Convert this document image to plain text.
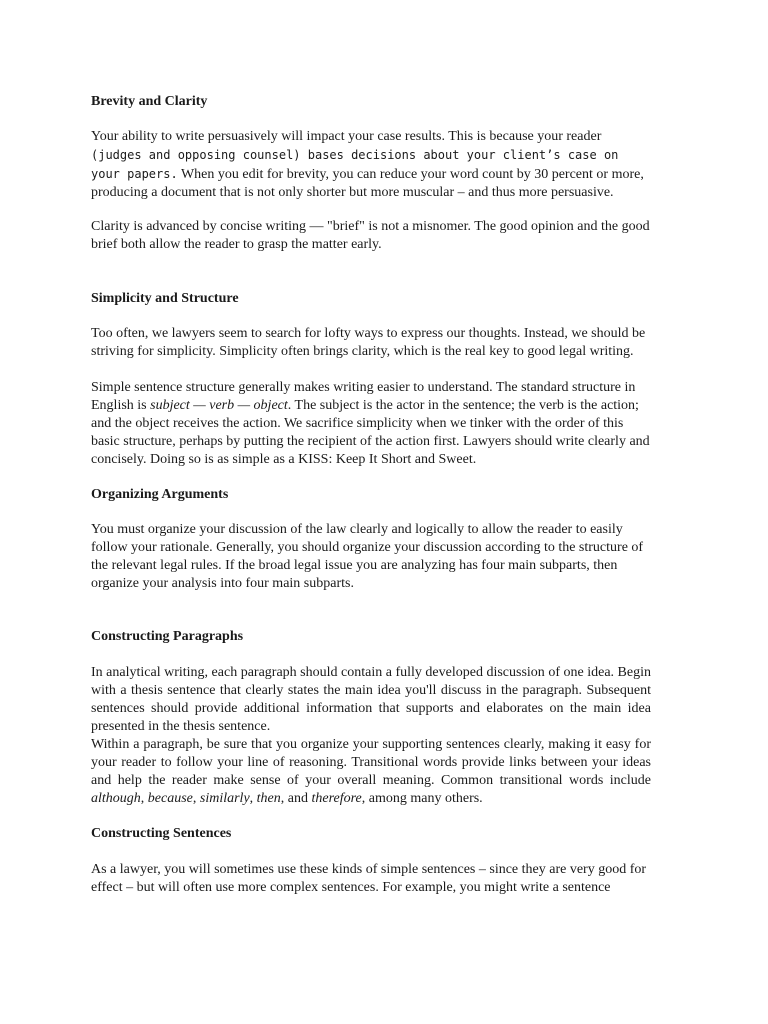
Brevity and Clarity

Your ability to write persuasively will impact your case results. This is because your reader (judges and opposing counsel) bases decisions about your client’s case on your papers. When you edit for brevity, you can reduce your word count by 30 percent or more, producing a document that is not only shorter but more muscular – and thus more persuasive.

Clarity is advanced by concise writing — "brief" is not a misnomer. The good opinion and the good brief both allow the reader to grasp the matter early.

Simplicity and Structure

Too often, we lawyers seem to search for lofty ways to express our thoughts. Instead, we should be striving for simplicity. Simplicity often brings clarity, which is the real key to good legal writing.

Simple sentence structure generally makes writing easier to understand. The standard structure in English is subject — verb — object. The subject is the actor in the sentence; the verb is the action; and the object receives the action. We sacrifice simplicity when we tinker with the order of this basic structure, perhaps by putting the recipient of the action first. Lawyers should write clearly and concisely. Doing so is as simple as a KISS: Keep It Short and Sweet.

Organizing Arguments

You must organize your discussion of the law clearly and logically to allow the reader to easily follow your rationale. Generally, you should organize your discussion according to the structure of the relevant legal rules. If the broad legal issue you are analyzing has four main subparts, then organize your analysis into four main subparts.

Constructing Paragraphs

In analytical writing, each paragraph should contain a fully developed discussion of one idea. Begin with a thesis sentence that clearly states the main idea you'll discuss in the paragraph. Subsequent sentences should provide additional information that supports and elaborates on the main idea presented in the thesis sentence.

Within a paragraph, be sure that you organize your supporting sentences clearly, making it easy for your reader to follow your line of reasoning. Transitional words provide links between your ideas and help the reader make sense of your overall meaning. Common transitional words include although, because, similarly, then, and therefore, among many others.

Constructing Sentences

As a lawyer, you will sometimes use these kinds of simple sentences – since they are very good for effect – but will often use more complex sentences. For example, you might write a sentence
